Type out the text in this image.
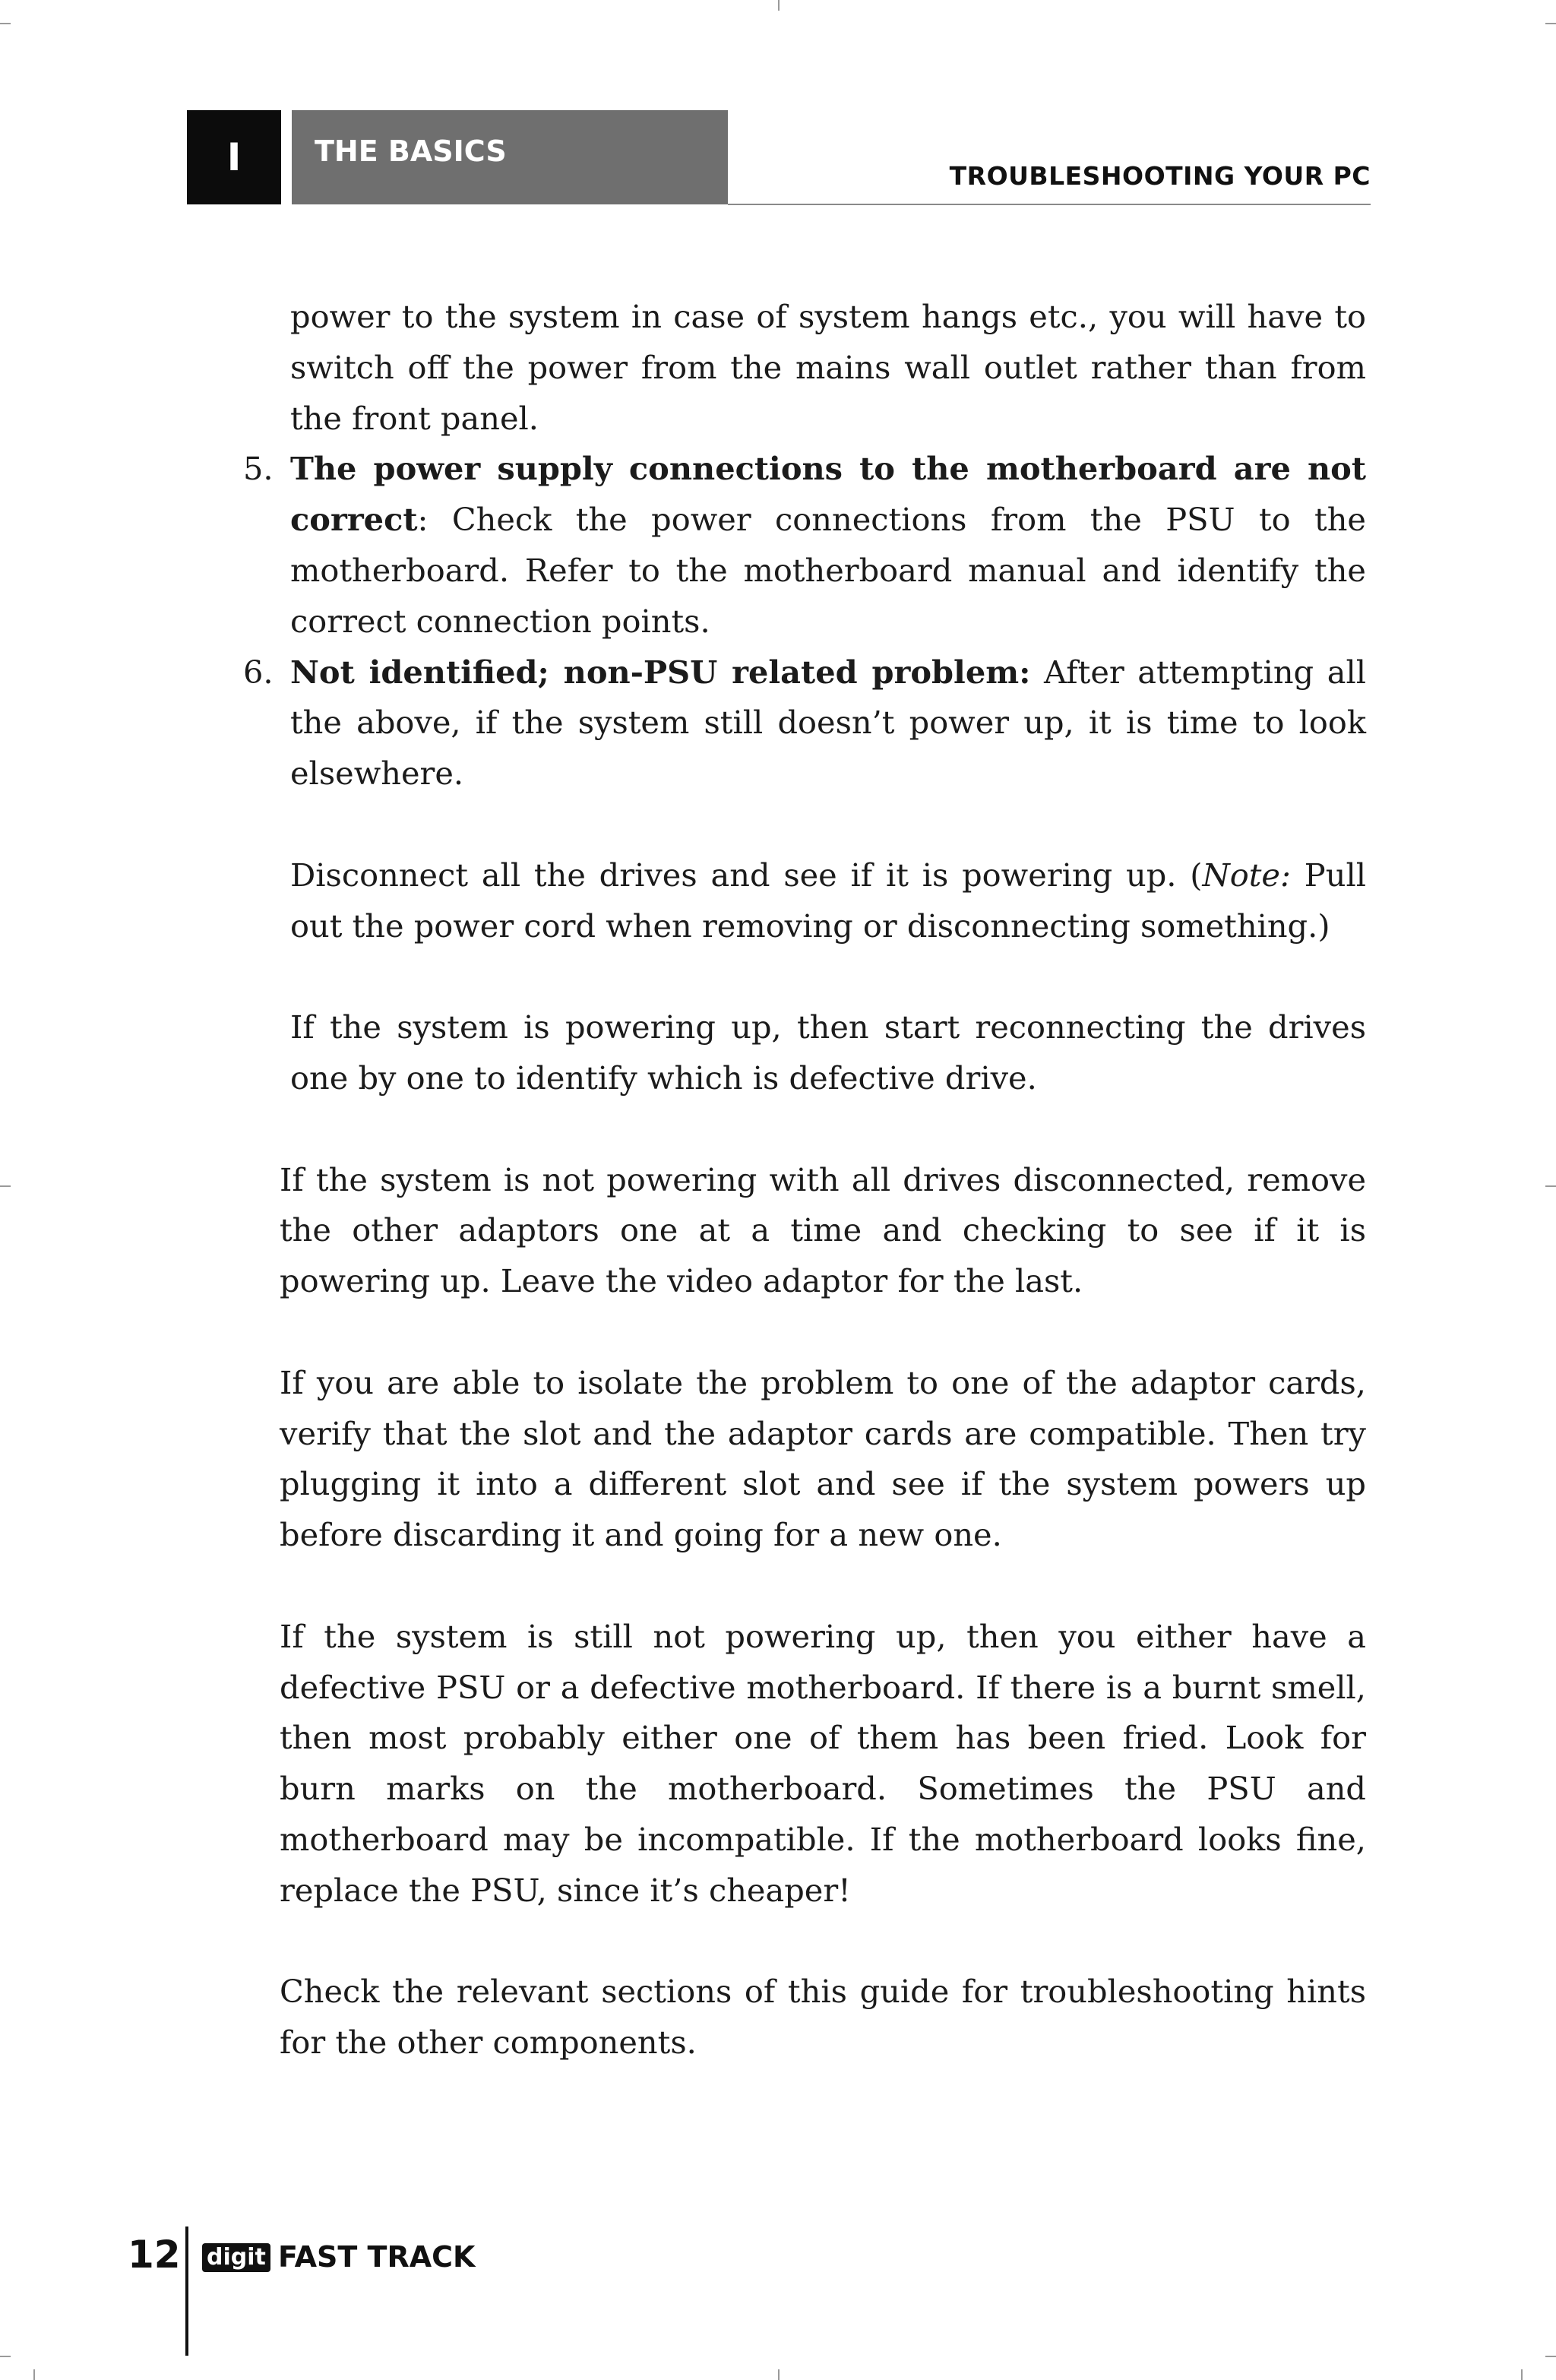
I	THE BASICS
TROUBLESHOOTING YOUR PC

power to the system in case of system hangs etc., you will have to switch off the power from the mains wall outlet rather than from the front panel.

5. The power supply connections to the motherboard are not correct: Check the power connections from the PSU to the motherboard. Refer to the motherboard manual and identify the correct connection points.
6. Not identified; non-PSU related problem: After attempting all the above, if the system still doesn’t power up, it is time to look elsewhere.

Disconnect all the drives and see if it is powering up. (Note: Pull out the power cord when removing or disconnecting something.)

If the system is powering up, then start reconnecting the drives one by one to identify which is defective drive.

If the system is not powering with all drives disconnected, remove the other adaptors one at a time and checking to see if it is powering up. Leave the video adaptor for the last.

If you are able to isolate the problem to one of the adaptor cards, verify that the slot and the adaptor cards are compatible. Then try plugging it into a different slot and see if the system powers up before discarding it and going for a new one.

If the system is still not powering up, then you either have a defective PSU or a defective motherboard. If there is a burnt smell, then most probably either one of them has been fried. Look for burn marks on the motherboard. Sometimes the PSU and motherboard may be incompatible. If the motherboard looks fine, replace the PSU, since it’s cheaper!

Check the relevant sections of this guide for troubleshooting hints for the other components.

12 digit FAST TRACK
